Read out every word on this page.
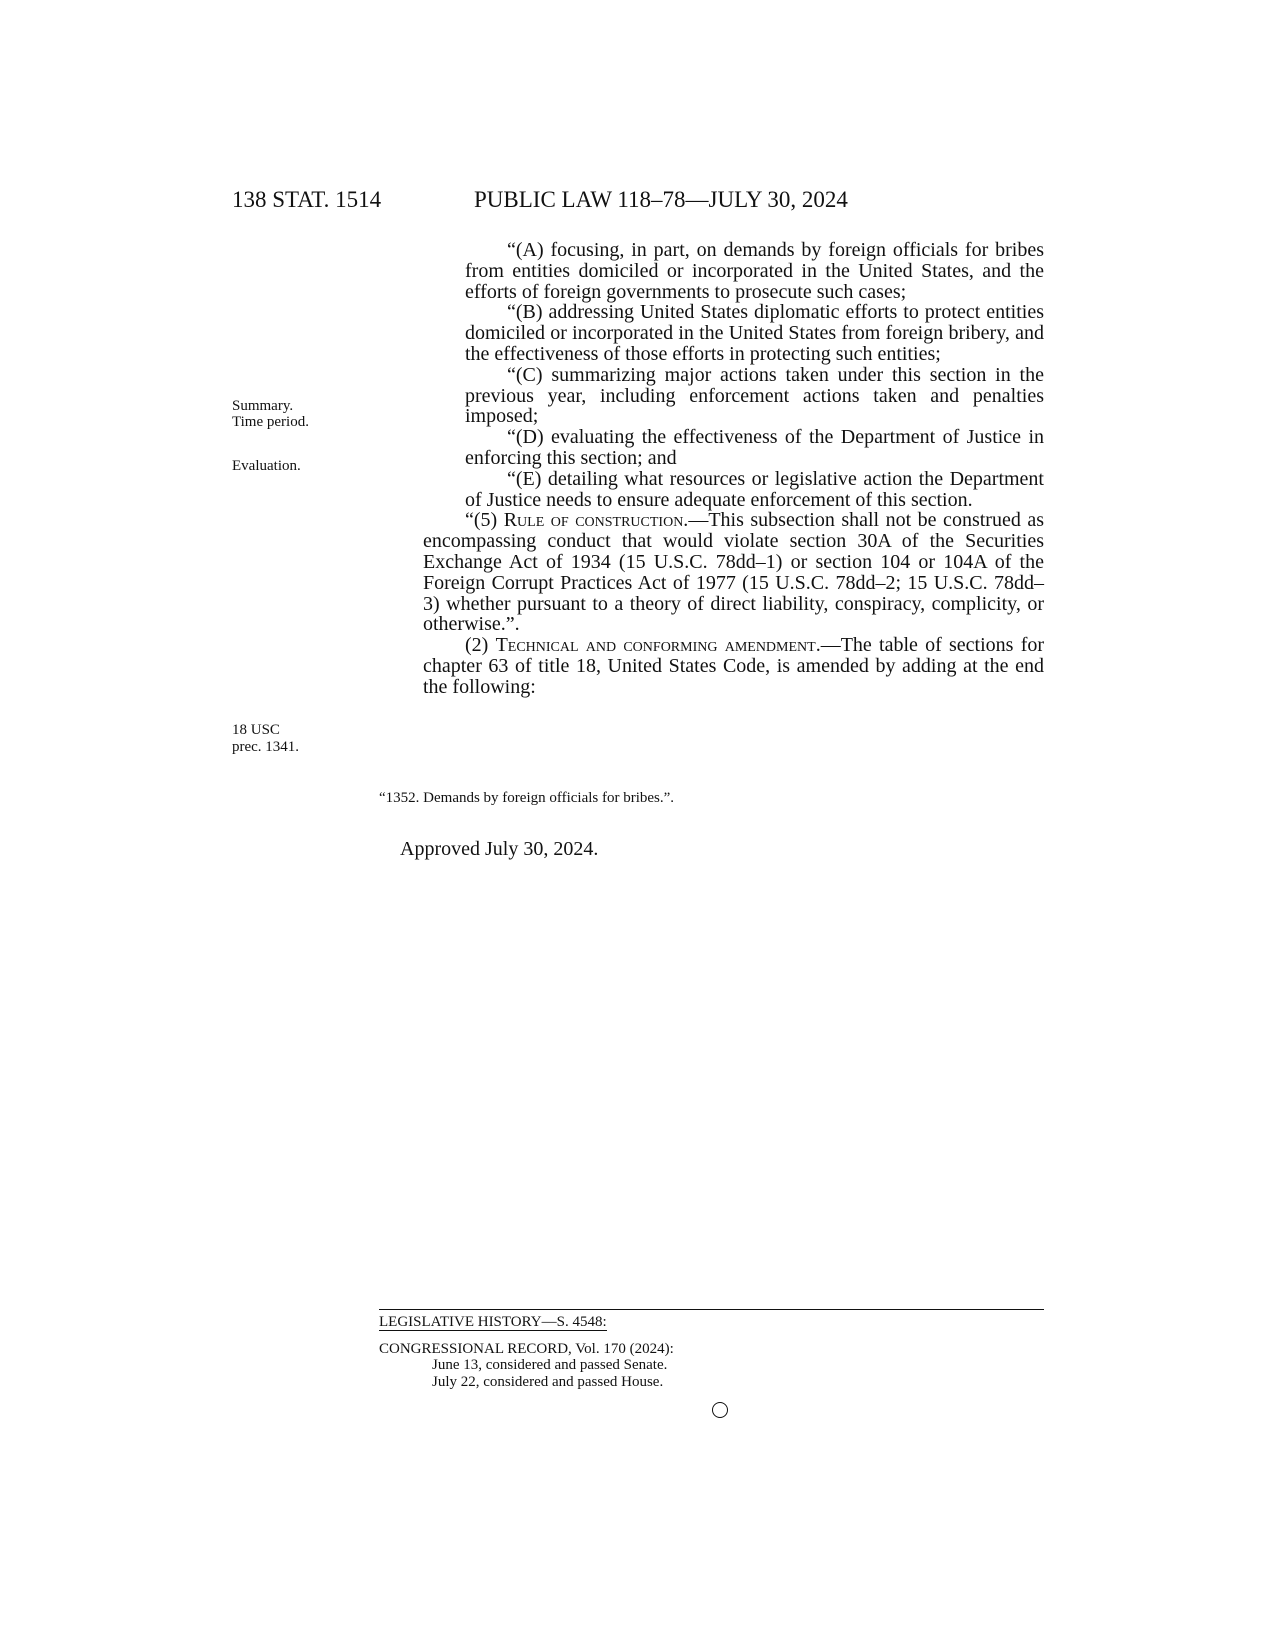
138 STAT. 1514	PUBLIC LAW 118–78—JULY 30, 2024
Summary.
Time period.
Evaluation.
18 USC
prec. 1341.

“(A) focusing, in part, on demands by foreign officials for bribes from entities domiciled or incorporated in the United States, and the efforts of foreign governments to prosecute such cases;

“(B) addressing United States diplomatic efforts to protect entities domiciled or incorporated in the United States from foreign bribery, and the effectiveness of those efforts in protecting such entities;

“(C) summarizing major actions taken under this section in the previous year, including enforcement actions taken and penalties imposed;

“(D) evaluating the effectiveness of the Department of Justice in enforcing this section; and

“(E) detailing what resources or legislative action the Department of Justice needs to ensure adequate enforcement of this section.

“(5) Rule of construction.—This subsection shall not be construed as encompassing conduct that would violate section 30A of the Securities Exchange Act of 1934 (15 U.S.C. 78dd–1) or section 104 or 104A of the Foreign Corrupt Practices Act of 1977 (15 U.S.C. 78dd–2; 15 U.S.C. 78dd–3) whether pursuant to a theory of direct liability, conspiracy, complicity, or otherwise.”.

(2) Technical and conforming amendment.—The table of sections for chapter 63 of title 18, United States Code, is amended by adding at the end the following:

“1352. Demands by foreign officials for bribes.”.
Approved July 30, 2024.
LEGISLATIVE HISTORY—S. 4548:
CONGRESSIONAL RECORD, Vol. 170 (2024):
June 13, considered and passed Senate.
July 22, considered and passed House.
